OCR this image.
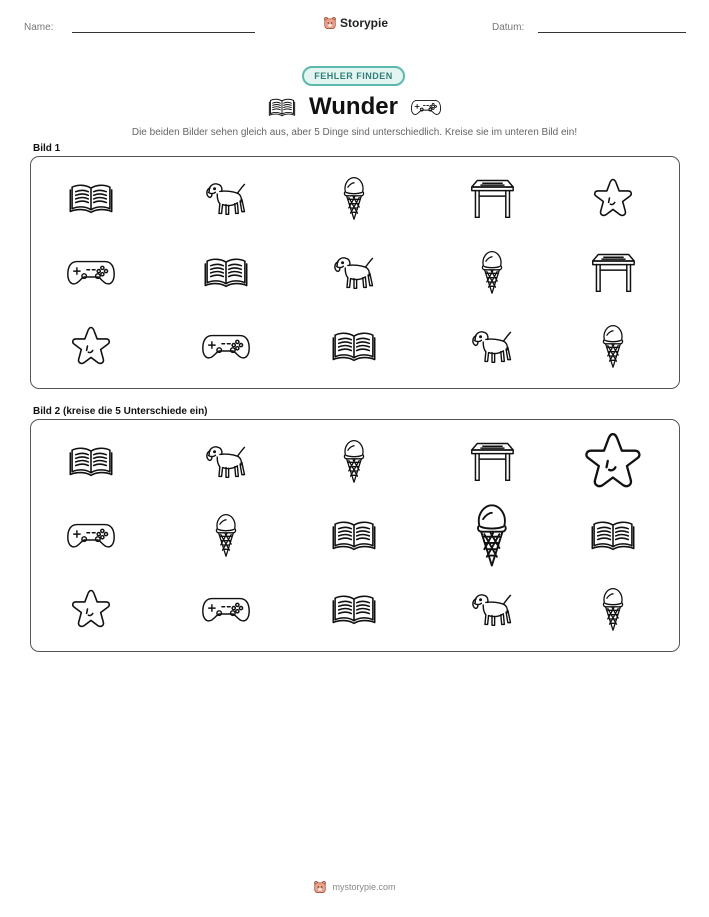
Name:	Storypie	Datum:
FEHLER FINDEN
Wunder
Die beiden Bilder sehen gleich aus, aber 5 Dinge sind unterschiedlich. Kreise sie im unteren Bild ein!
Bild 1
Bild 2 (kreise die 5 Unterschiede ein)
mystorypie.com
